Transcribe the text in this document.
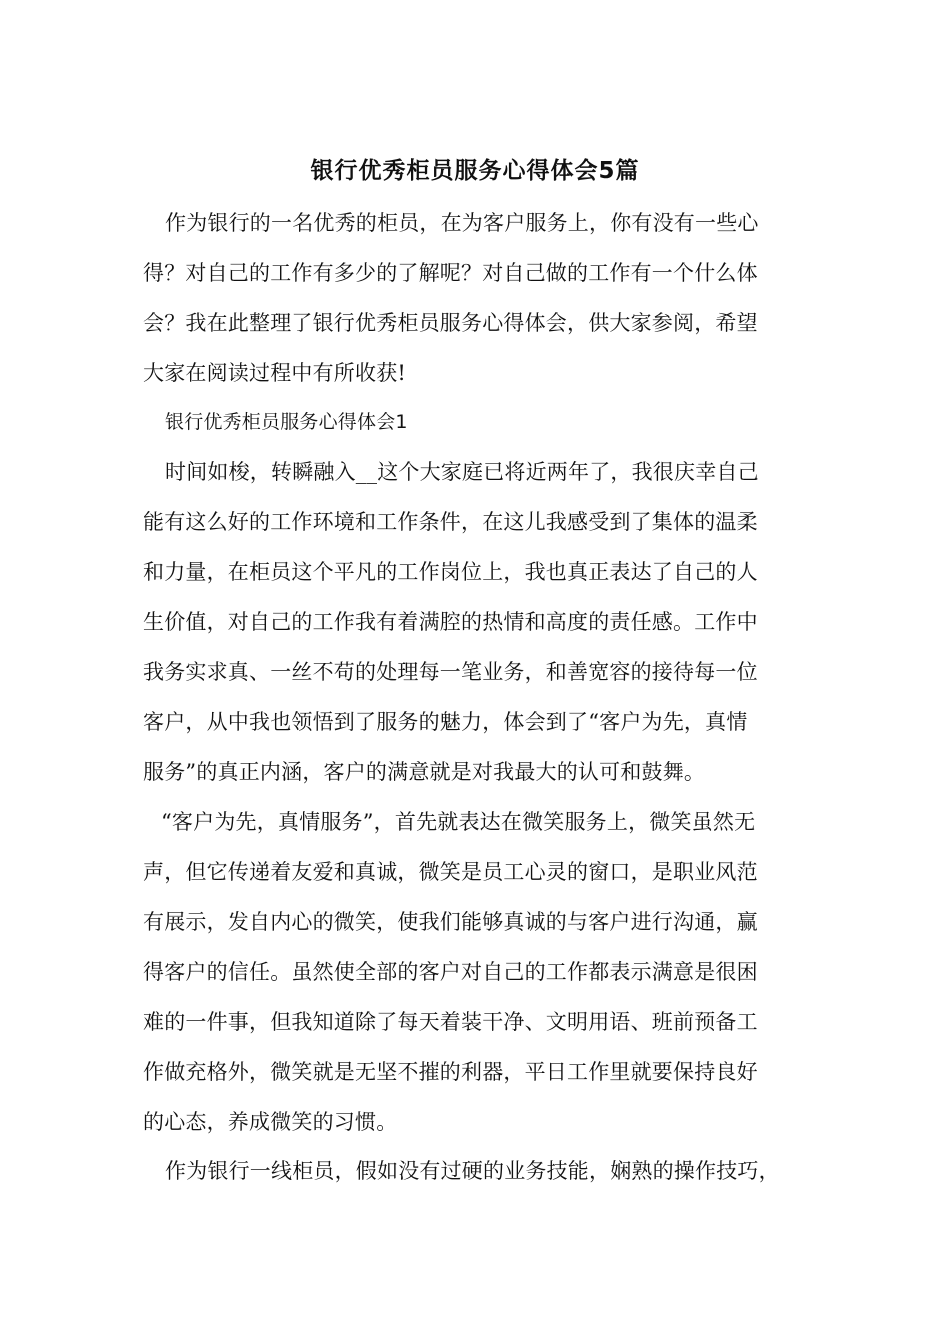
银行优秀柜员服务心得体会5篇
作为银行的一名优秀的柜员，在为客户服务上，你有没有一些心
得？对自己的工作有多少的了解呢？对自己做的工作有一个什么体
会？我在此整理了银行优秀柜员服务心得体会，供大家参阅，希望
大家在阅读过程中有所收获!
银行优秀柜员服务心得体会1
时间如梭，转瞬融入__这个大家庭已将近两年了，我很庆幸自己
能有这么好的工作环境和工作条件，在这儿我感受到了集体的温柔
和力量，在柜员这个平凡的工作岗位上，我也真正表达了自己的人
生价值，对自己的工作我有着满腔的热情和高度的责任感。工作中
我务实求真、一丝不苟的处理每一笔业务，和善宽容的接待每一位
客户，从中我也领悟到了服务的魅力，体会到了“客户为先，真情
服务”的真正内涵，客户的满意就是对我最大的认可和鼓舞。
“客户为先，真情服务”，首先就表达在微笑服务上，微笑虽然无
声，但它传递着友爱和真诚，微笑是员工心灵的窗口，是职业风范
有展示，发自内心的微笑，使我们能够真诚的与客户进行沟通，赢
得客户的信任。虽然使全部的客户对自己的工作都表示满意是很困
难的一件事，但我知道除了每天着装干净、文明用语、班前预备工
作做充格外，微笑就是无坚不摧的利器，平日工作里就要保持良好
的心态，养成微笑的习惯。
作为银行一线柜员，假如没有过硬的业务技能，娴熟的操作技巧，
